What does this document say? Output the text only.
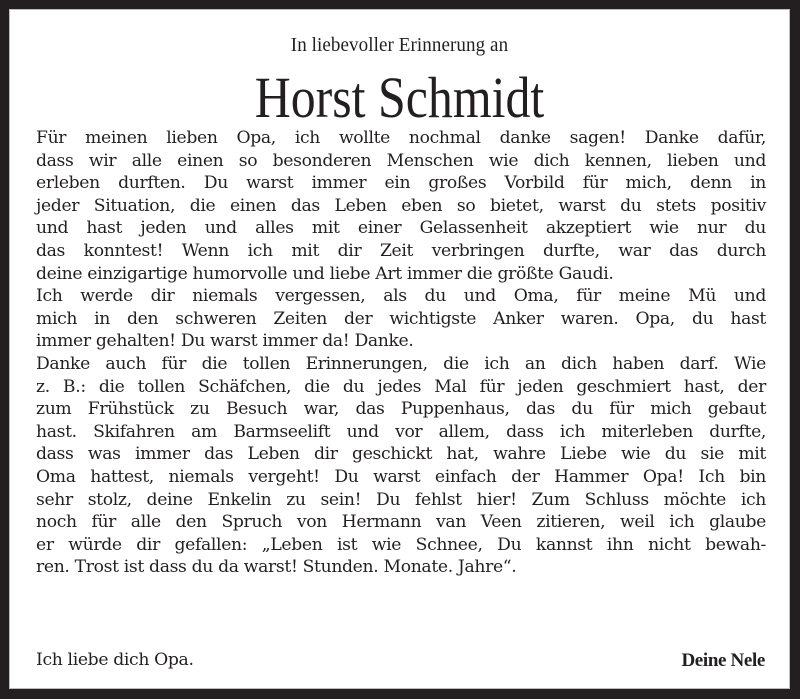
In liebevoller Erinnerung an
Horst Schmidt
Für meinen lieben Opa, ich wollte nochmal danke sagen! Danke dafür,
dass wir alle einen so besonderen Menschen wie dich kennen, lieben und
erleben durften. Du warst immer ein großes Vorbild für mich, denn in
jeder Situation, die einen das Leben eben so bietet, warst du stets positiv
und hast jeden und alles mit einer Gelassenheit akzeptiert wie nur du
das konntest! Wenn ich mit dir Zeit verbringen durfte, war das durch
deine einzigartige humorvolle und liebe Art immer die größte Gaudi.
Ich werde dir niemals vergessen, als du und Oma, für meine Mü und
mich in den schweren Zeiten der wichtigste Anker waren. Opa, du hast
immer gehalten! Du warst immer da! Danke.
Danke auch für die tollen Erinnerungen, die ich an dich haben darf. Wie
z. B.: die tollen Schäfchen, die du jedes Mal für jeden geschmiert hast, der
zum Frühstück zu Besuch war, das Puppenhaus, das du für mich gebaut
hast. Skifahren am Barmseelift und vor allem, dass ich miterleben durfte,
dass was immer das Leben dir geschickt hat, wahre Liebe wie du sie mit
Oma hattest, niemals vergeht! Du warst einfach der Hammer Opa! Ich bin
sehr stolz, deine Enkelin zu sein! Du fehlst hier! Zum Schluss möchte ich
noch für alle den Spruch von Hermann van Veen zitieren, weil ich glaube
er würde dir gefallen: „Leben ist wie Schnee, Du kannst ihn nicht bewah-
ren. Trost ist dass du da warst! Stunden. Monate. Jahre“.
Ich liebe dich Opa.	Deine Nele
